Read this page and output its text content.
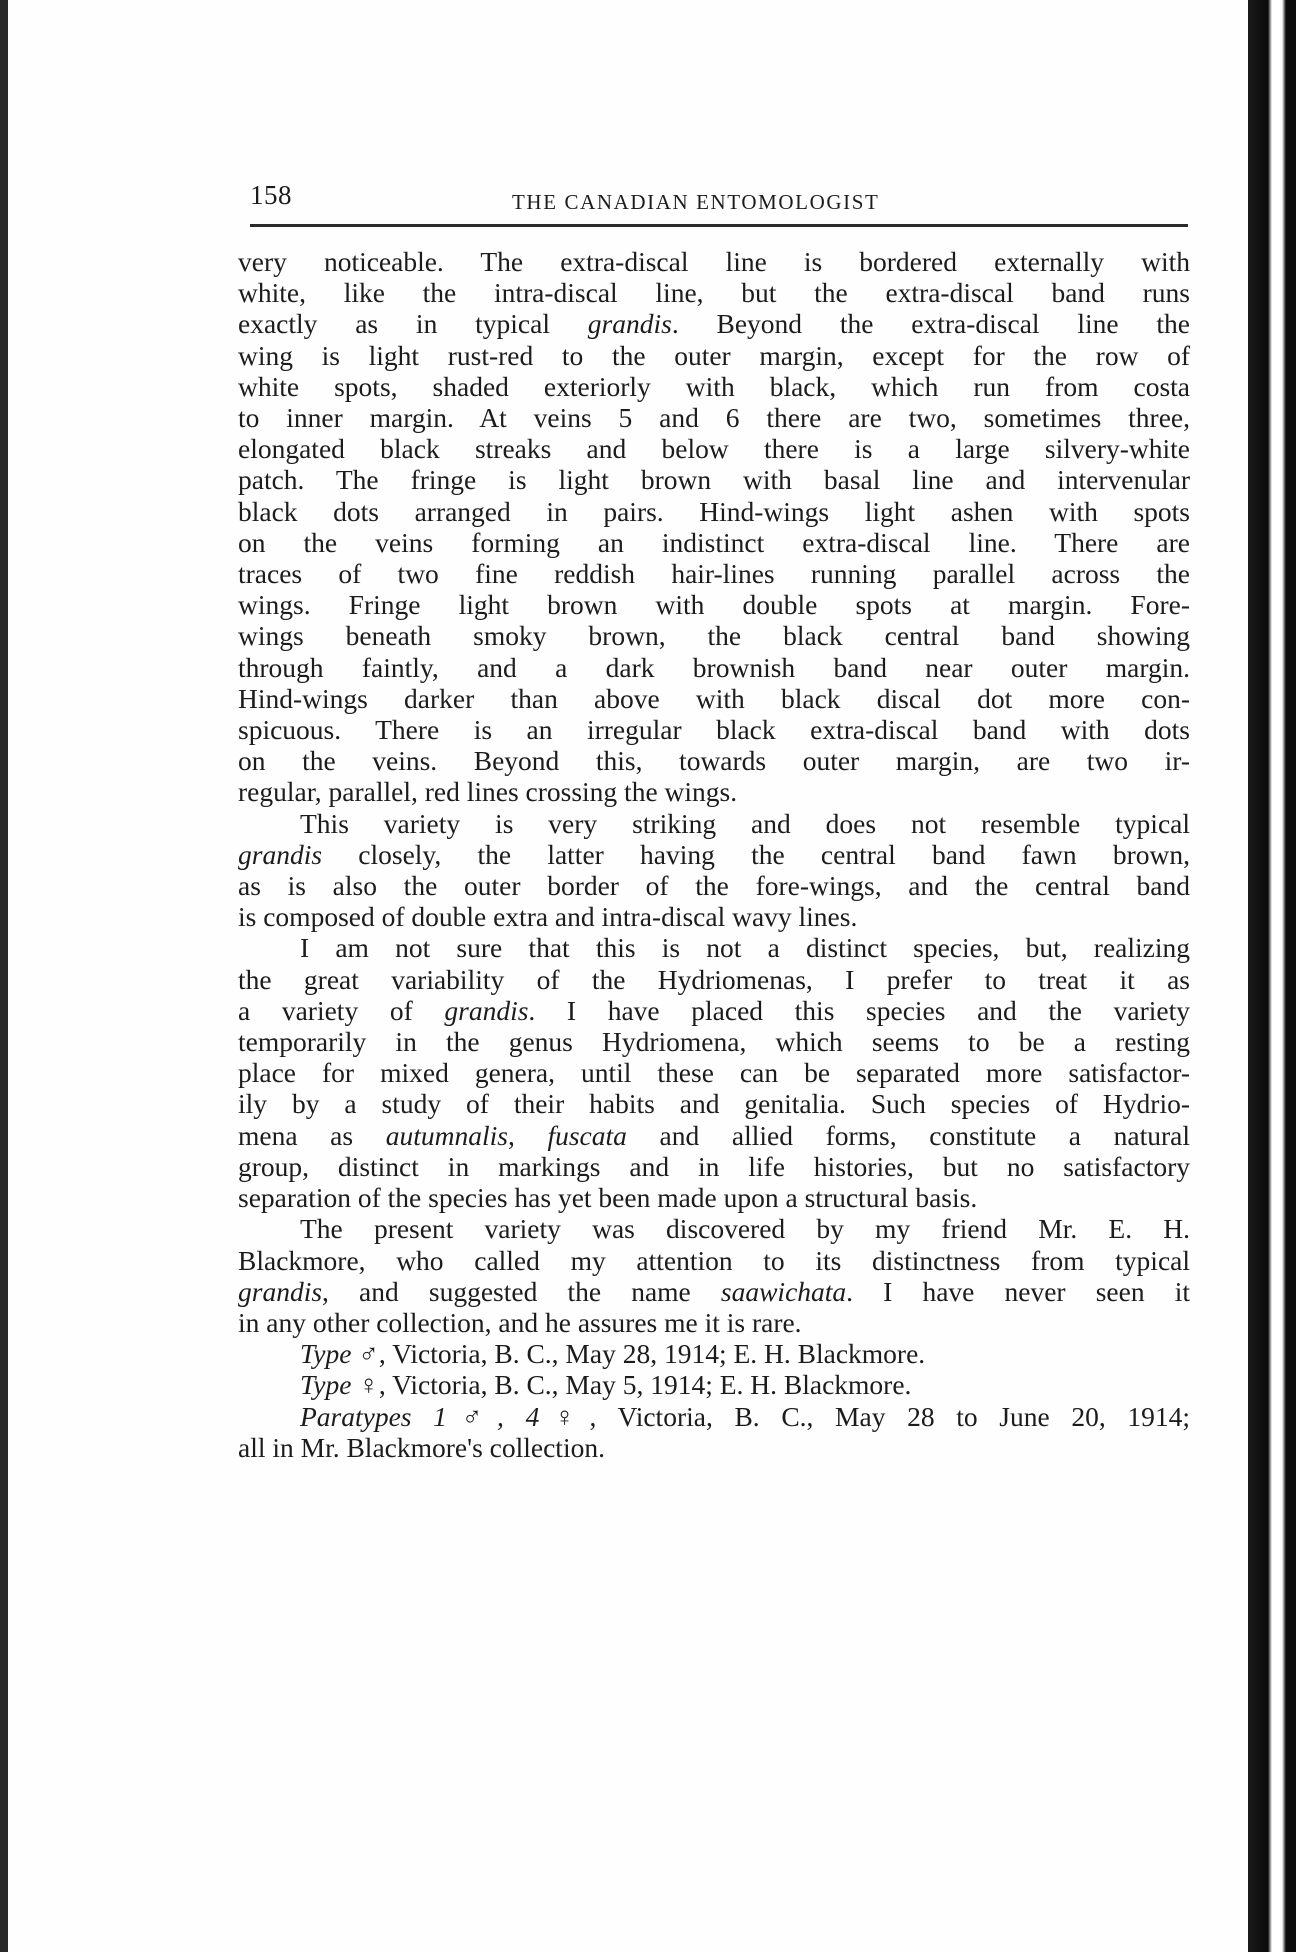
158	THE CANADIAN ENTOMOLOGIST

very noticeable. The extra-discal line is bordered externally with
white, like the intra-discal line, but the extra-discal band runs
exactly as in typical grandis. Beyond the extra-discal line the
wing is light rust-red to the outer margin, except for the row of
white spots, shaded exteriorly with black, which run from costa
to inner margin. At veins 5 and 6 there are two, sometimes three,
elongated black streaks and below there is a large silvery-white
patch. The fringe is light brown with basal line and intervenular
black dots arranged in pairs. Hind-wings light ashen with spots
on the veins forming an indistinct extra-discal line. There are
traces of two fine reddish hair-lines running parallel across the
wings. Fringe light brown with double spots at margin. Fore-
wings beneath smoky brown, the black central band showing
through faintly, and a dark brownish band near outer margin.
Hind-wings darker than above with black discal dot more con-
spicuous. There is an irregular black extra-discal band with dots
on the veins. Beyond this, towards outer margin, are two ir-
regular, parallel, red lines crossing the wings.

This variety is very striking and does not resemble typical
grandis closely, the latter having the central band fawn brown,
as is also the outer border of the fore-wings, and the central band
is composed of double extra and intra-discal wavy lines.

I am not sure that this is not a distinct species, but, realizing
the great variability of the Hydriomenas, I prefer to treat it as
a variety of grandis. I have placed this species and the variety
temporarily in the genus Hydriomena, which seems to be a resting
place for mixed genera, until these can be separated more satisfactor-
ily by a study of their habits and genitalia. Such species of Hydrio-
mena as autumnalis, fuscata and allied forms, constitute a natural
group, distinct in markings and in life histories, but no satisfactory
separation of the species has yet been made upon a structural basis.

The present variety was discovered by my friend Mr. E. H.
Blackmore, who called my attention to its distinctness from typical
grandis, and suggested the name saawichata. I have never seen it
in any other collection, and he assures me it is rare.

Type ♂, Victoria, B. C., May 28, 1914; E. H. Blackmore.
Type ♀, Victoria, B. C., May 5, 1914; E. H. Blackmore.
Paratypes 1♂, 4♀, Victoria, B. C., May 28 to June 20, 1914;
all in Mr. Blackmore's collection.
